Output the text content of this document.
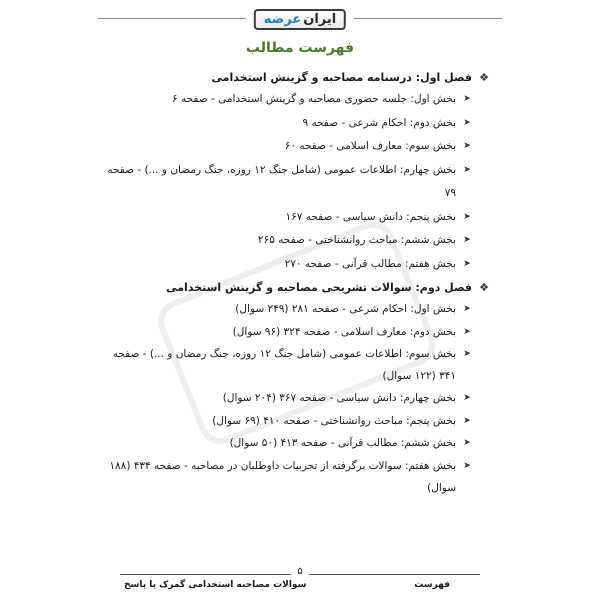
ایران
عرضه
فهرست مطالب
❖
فصل اول: درسنامه مصاحبه و گزینش استخدامی
➤
بخش اول: جلسه حضوری مصاحبه و گزینش استخدامی - صفحه ۶
➤
بخش دوم: احکام شرعی - صفحه ۹
➤
بخش سوم: معارف اسلامی - صفحه ۶۰
➤
بخش چهارم: اطلاعات عمومی (شامل جنگ ۱۲ روزه، جنگ رمضان و ...) - صفحه ۷۹
➤
بخش پنجم: دانش سیاسی - صفحه ۱۶۷
➤
بخش ششم: مباحث روانشناختی - صفحه ۲۶۵
➤
بخش هفتم: مطالب قرآنی - صفحه ۲۷۰
❖
فصل دوم: سوالات تشریحی مصاحبه و گزینش استخدامی
➤
بخش اول: احکام شرعی - صفحه ۲۸۱ (۲۴۹ سوال)
➤
بخش دوم: معارف اسلامی - صفحه ۳۲۴ (۹۶ سوال)
➤
بخش سوم: اطلاعات عمومی (شامل جنگ ۱۲ روزه، جنگ رمضان و ...) - صفحه ۳۴۱ (۱۲۲ سوال)
➤
بخش چهارم: دانش سیاسی - صفحه ۳۶۷ (۲۰۴ سوال)
➤
بخش پنجم: مباحث روانشناختی - صفحه ۴۱۰ (۶۹ سوال)
➤
بخش ششم: مطالب قرآنی - صفحه ۴۱۳ (۵۰ سوال)
➤
بخش هفتم: سوالات برگرفته از تجربیات داوطلبان در مصاحبه - صفحه ۴۳۴ (۱۸۸ سوال)
۵
فهرست
سوالات مصاحبه استخدامی گمرک با پاسخ
